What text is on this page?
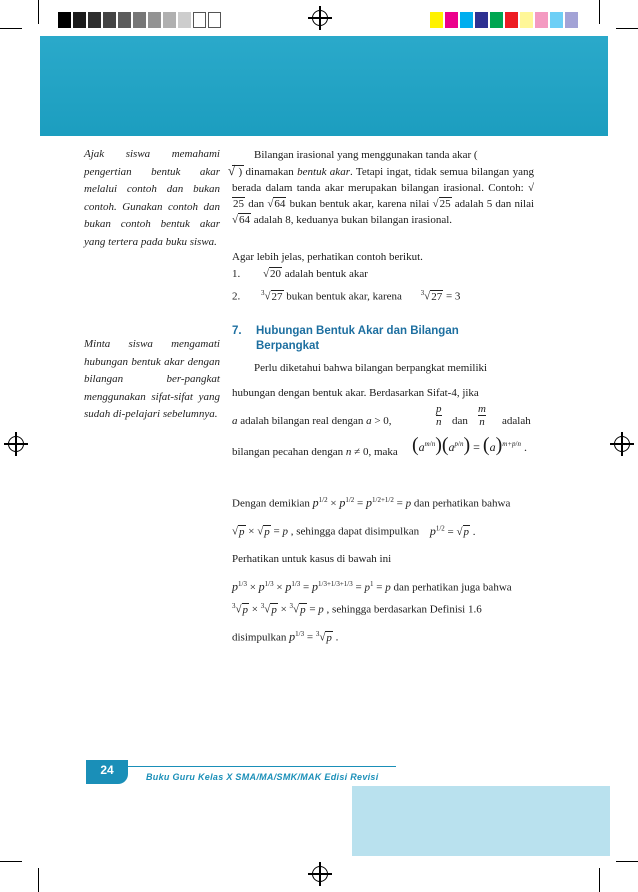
Ajak siswa memahami pengertian bentuk akar melalui contoh dan bukan contoh. Gunakan contoh dan bukan contoh bentuk akar yang tertera pada buku siswa.
Minta siswa mengamati hubungan bentuk akar dengan bilangan ber-pangkat menggunakan sifat-sifat yang sudah di-pelajari sebelumnya.
Bilangan irasional yang menggunakan tanda akar (
√ ) dinamakan bentuk akar. Tetapi ingat, tidak semua bilangan yang berada dalam tanda akar merupakan bilangan irasional. Contoh: √25 dan √64 bukan bentuk akar, karena nilai √25 adalah 5 dan nilai √64 adalah 8, keduanya bukan bilangan irasional.
Agar lebih jelas, perhatikan contoh berikut.
1. √20 adalah bentuk akar
2.	$^3$√27 bukan bentuk akar, karena	$^3$√27 = 3
7. Hubungan Bentuk Akar dan Bilangan
Berpangkat
Perlu diketahui bahwa bilangan berpangkat memiliki
hubungan dengan bentuk akar. Berdasarkan Sifat-4, jika
a adalah bilangan real dengan a > 0,
p
n dan
m
n adalah
bilangan pecahan dengan n ≠ 0, maka $(a^{m/n})(a^{p/n}) = (a)^{m+p/n}$ .
Dengan demikian $p^{1/2} \times p^{1/2} = p^{1/2+1/2} = p$ dan perhatikan bahwa
√p × √p = p , sehingga dapat disimpulkan $p^{1/2} = √p$ .
Perhatikan untuk kasus di bawah ini
$p^{1/3} \times p^{1/3} \times p^{1/3} = p^{1/3+1/3+1/3} = p^1 = p$ dan perhatikan juga bahwa
$^3$√p × $^3$√p × $^3$√p = p , sehingga berdasarkan Definisi 1.6
disimpulkan $p^{1/3} = ^3√p$ .
24	Buku Guru Kelas X SMA/MA/SMK/MAK Edisi Revisi
